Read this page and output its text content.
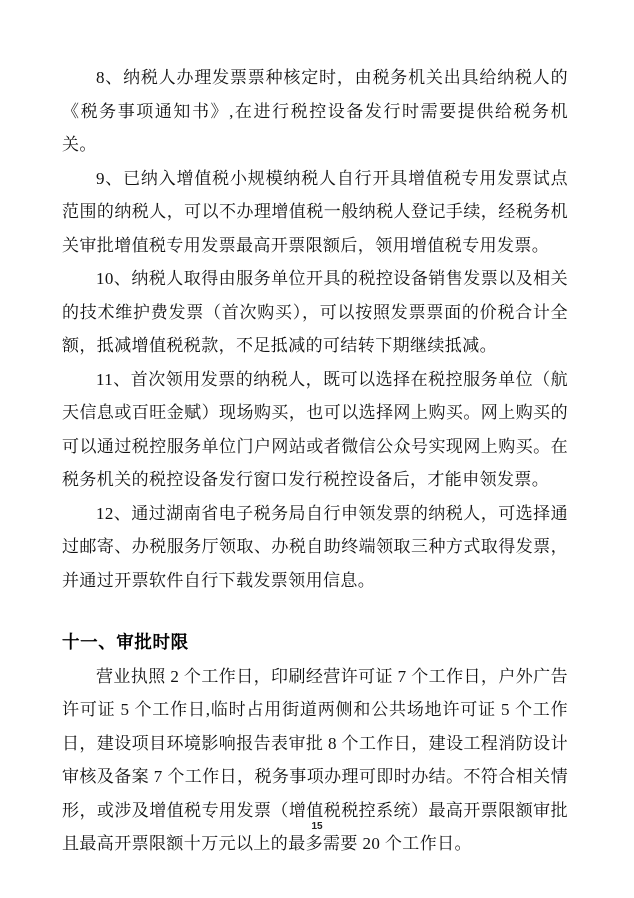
8、纳税人办理发票票种核定时，由税务机关出具给纳税人的《税务事项通知书》,在进行税控设备发行时需要提供给税务机关。

9、已纳入增值税小规模纳税人自行开具增值税专用发票试点范围的纳税人，可以不办理增值税一般纳税人登记手续，经税务机关审批增值税专用发票最高开票限额后，领用增值税专用发票。

10、纳税人取得由服务单位开具的税控设备销售发票以及相关的技术维护费发票（首次购买），可以按照发票票面的价税合计全额，抵减增值税税款，不足抵减的可结转下期继续抵减。

11、首次领用发票的纳税人，既可以选择在税控服务单位（航天信息或百旺金赋）现场购买，也可以选择网上购买。网上购买的可以通过税控服务单位门户网站或者微信公众号实现网上购买。在税务机关的税控设备发行窗口发行税控设备后，才能申领发票。

12、通过湖南省电子税务局自行申领发票的纳税人，可选择通过邮寄、办税服务厅领取、办税自助终端领取三种方式取得发票，并通过开票软件自行下载发票领用信息。

十一、审批时限

营业执照 2 个工作日，印刷经营许可证 7 个工作日，户外广告许可证 5 个工作日,临时占用街道两侧和公共场地许可证 5 个工作日，建设项目环境影响报告表审批 8 个工作日，建设工程消防设计审核及备案 7 个工作日，税务事项办理可即时办结。不符合相关情形，或涉及增值税专用发票（增值税税控系统）最高开票限额审批且最高开票限额十万元以上的最多需要 20 个工作日。

15
